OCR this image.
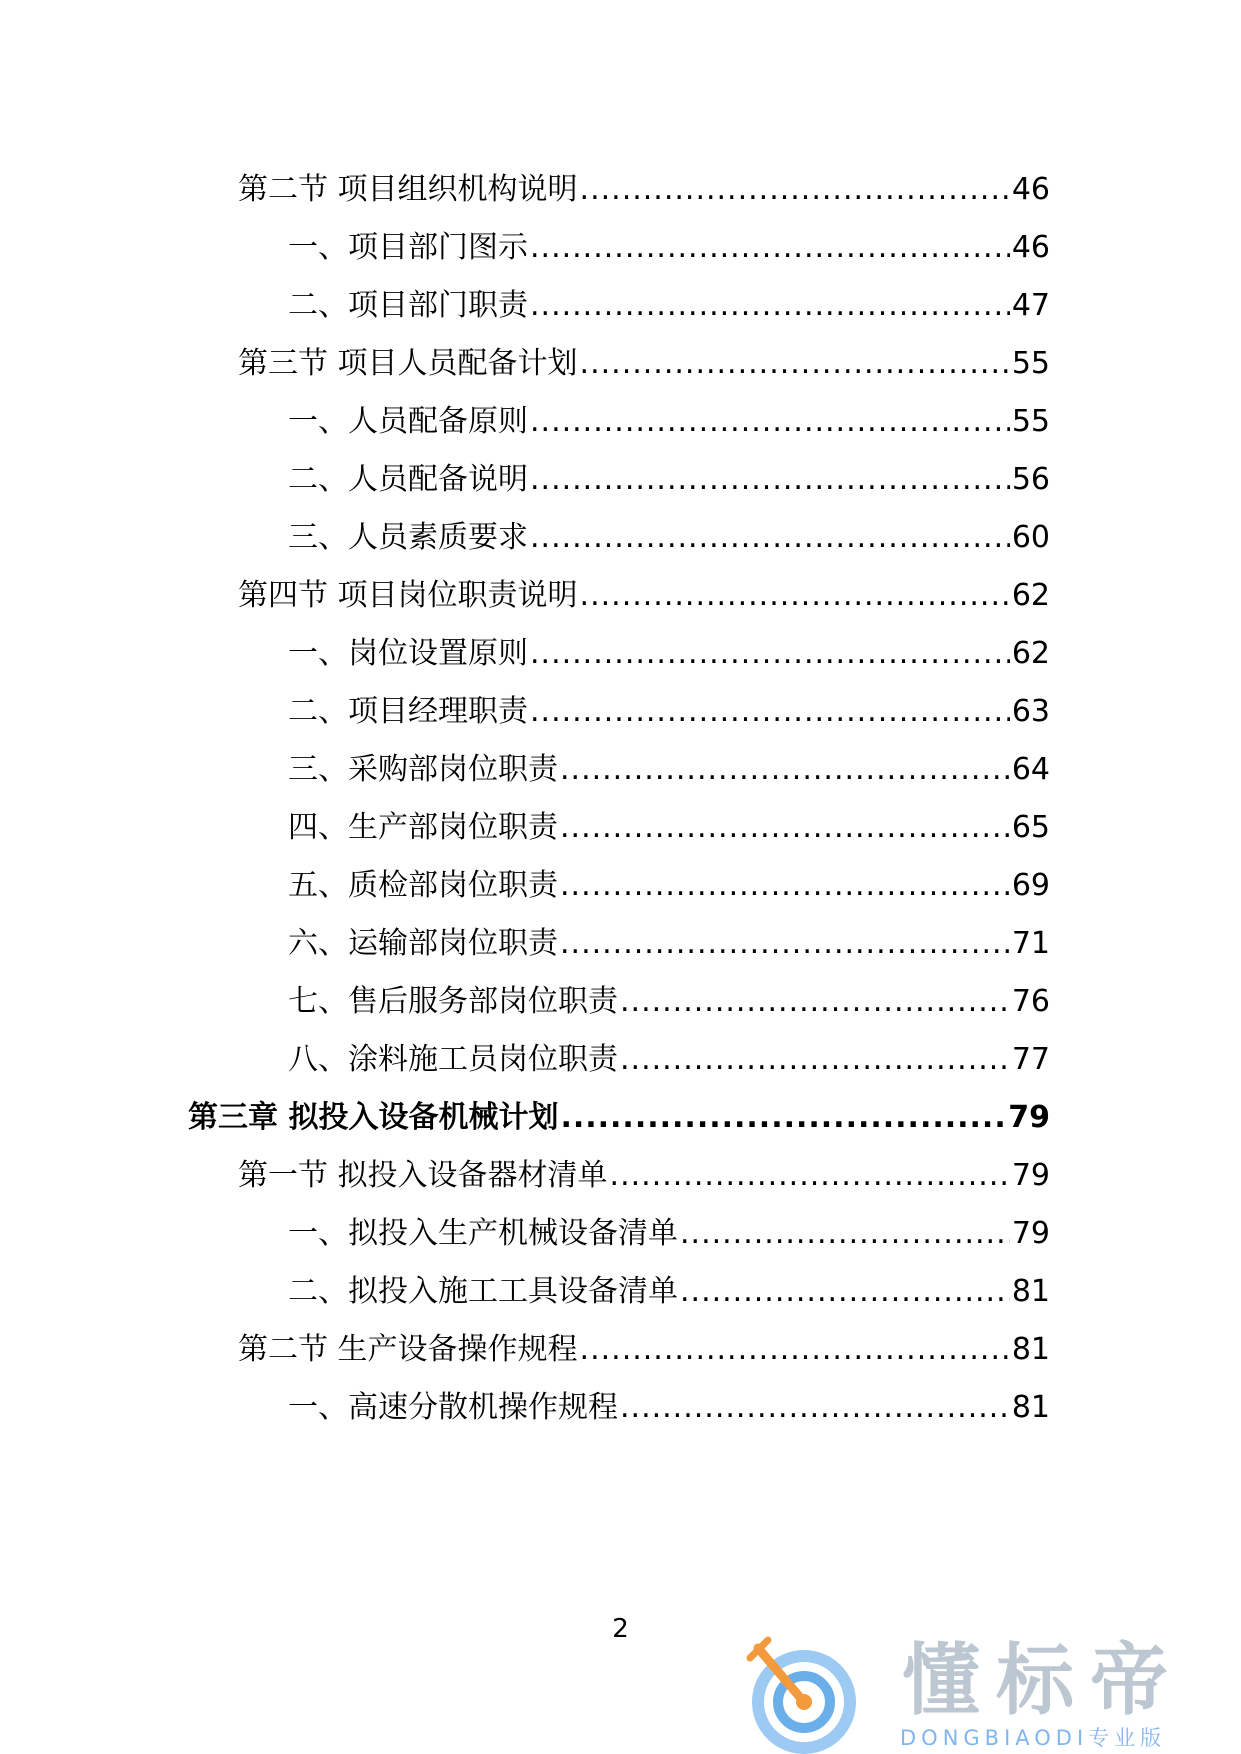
第二节 项目组织机构说明 .....	46
一、项目部门图示 .....	46
二、项目部门职责 .....	47
第三节 项目人员配备计划 .....	55
一、人员配备原则 .....	55
二、人员配备说明 .....	56
三、人员素质要求 .....	60
第四节 项目岗位职责说明 .....	62
一、岗位设置原则 .....	62
二、项目经理职责 .....	63
三、采购部岗位职责 .....	64
四、生产部岗位职责 .....	65
五、质检部岗位职责 .....	69
六、运输部岗位职责 .....	71
七、售后服务部岗位职责 .....	76
八、涂料施工员岗位职责 .....	77
第三章 拟投入设备机械计划 .....	79
第一节 拟投入设备器材清单 .....	79
一、拟投入生产机械设备清单 .....	79
二、拟投入施工工具设备清单 .....	81
第二节 生产设备操作规程 .....	81
一、高速分散机操作规程 .....	81
2
懂标帝
DONGBIAODI专业版
